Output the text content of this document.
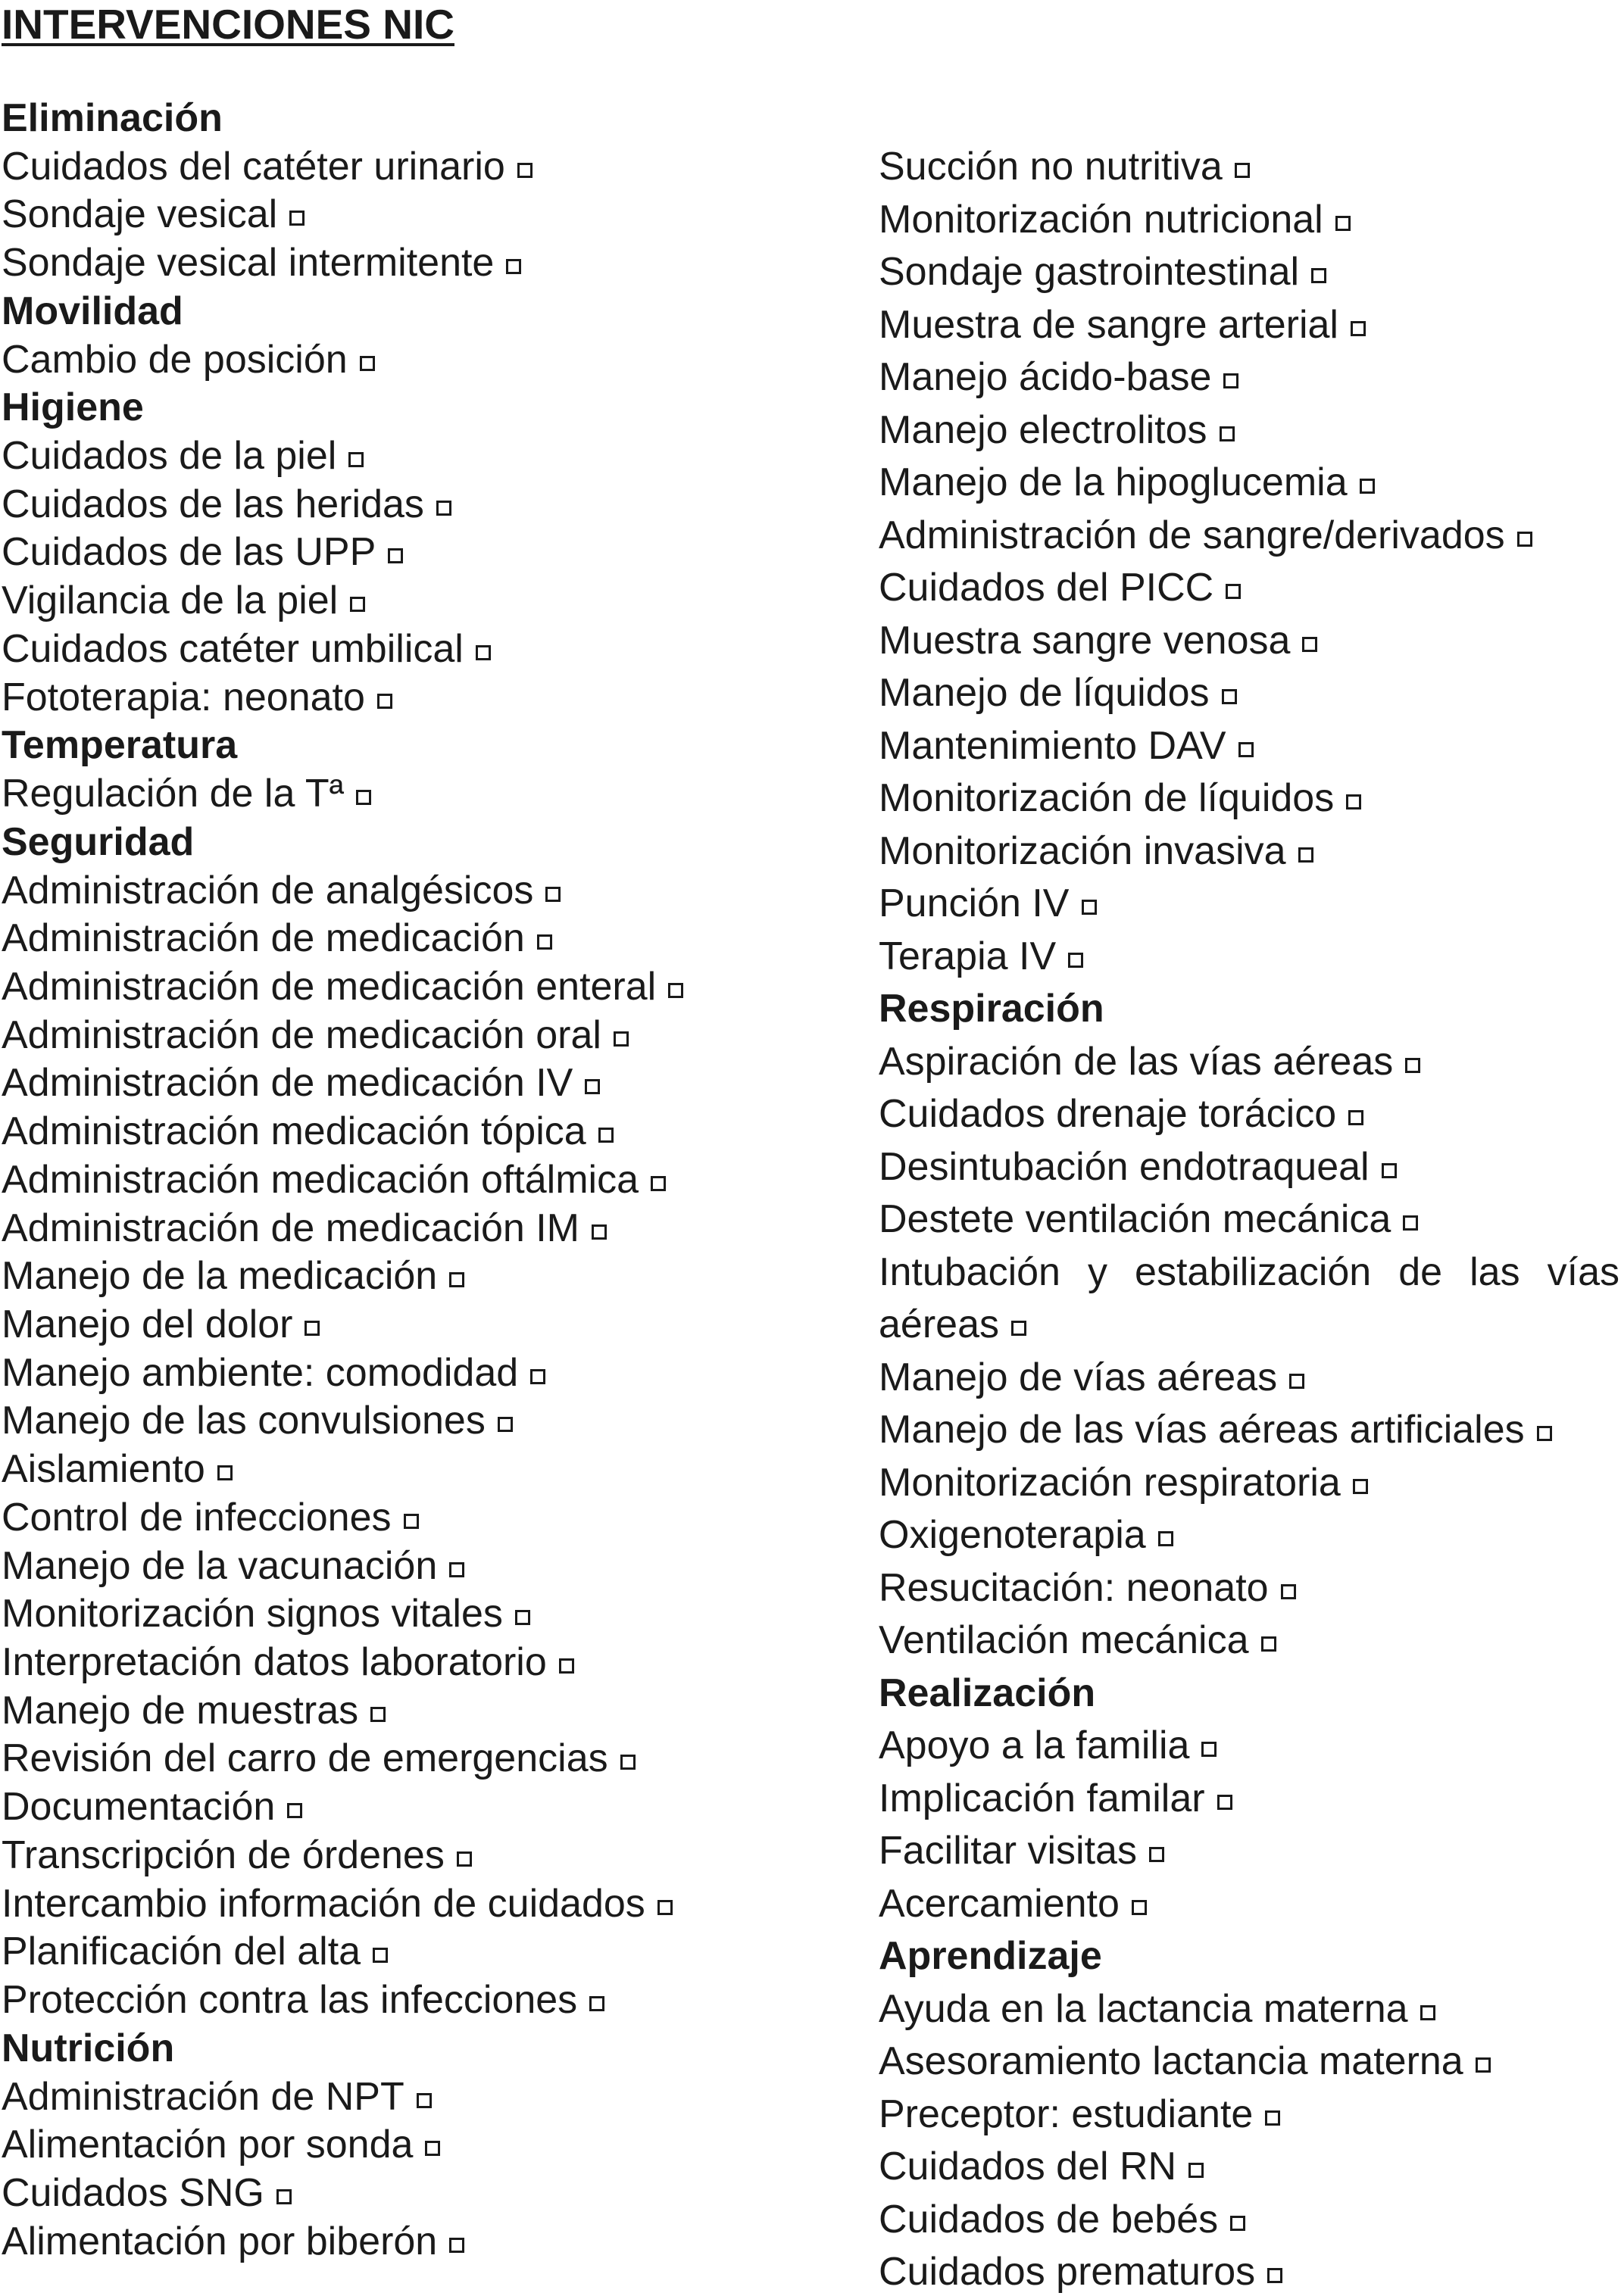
INTERVENCIONES NIC
Eliminación
Cuidados del catéter urinario
Sondaje vesical
Sondaje vesical intermitente
Movilidad
Cambio de posición
Higiene
Cuidados de la piel
Cuidados de las heridas
Cuidados de las UPP
Vigilancia de la piel
Cuidados catéter umbilical
Fototerapia: neonato
Temperatura
Regulación de la Tª
Seguridad
Administración de analgésicos
Administración de medicación
Administración de medicación enteral
Administración de medicación oral
Administración de medicación IV
Administración medicación tópica
Administración medicación oftálmica
Administración de medicación IM
Manejo de la medicación
Manejo del dolor
Manejo ambiente: comodidad
Manejo de las convulsiones
Aislamiento
Control de infecciones
Manejo de la vacunación
Monitorización signos vitales
Interpretación datos laboratorio
Manejo de muestras
Revisión del carro de emergencias
Documentación
Transcripción de órdenes
Intercambio información de cuidados
Planificación del alta
Protección contra las infecciones
Nutrición
Administración de NPT
Alimentación por sonda
Cuidados SNG
Alimentación por biberón
Succión no nutritiva
Monitorización nutricional
Sondaje gastrointestinal
Muestra de sangre arterial
Manejo ácido-base
Manejo electrolitos
Manejo de la hipoglucemia
Administración de sangre/derivados
Cuidados del PICC
Muestra sangre venosa
Manejo de líquidos
Mantenimiento DAV
Monitorización de líquidos
Monitorización invasiva
Punción IV
Terapia IV
Respiración
Aspiración de las vías aéreas
Cuidados drenaje torácico
Desintubación endotraqueal
Destete ventilación mecánica
Intubación y estabilización de las vías
aéreas
Manejo de vías aéreas
Manejo de las vías aéreas artificiales
Monitorización respiratoria
Oxigenoterapia
Resucitación: neonato
Ventilación mecánica
Realización
Apoyo a la familia
Implicación familar
Facilitar visitas
Acercamiento
Aprendizaje
Ayuda en la lactancia materna
Asesoramiento lactancia materna
Preceptor: estudiante
Cuidados del RN
Cuidados de bebés
Cuidados prematuros
